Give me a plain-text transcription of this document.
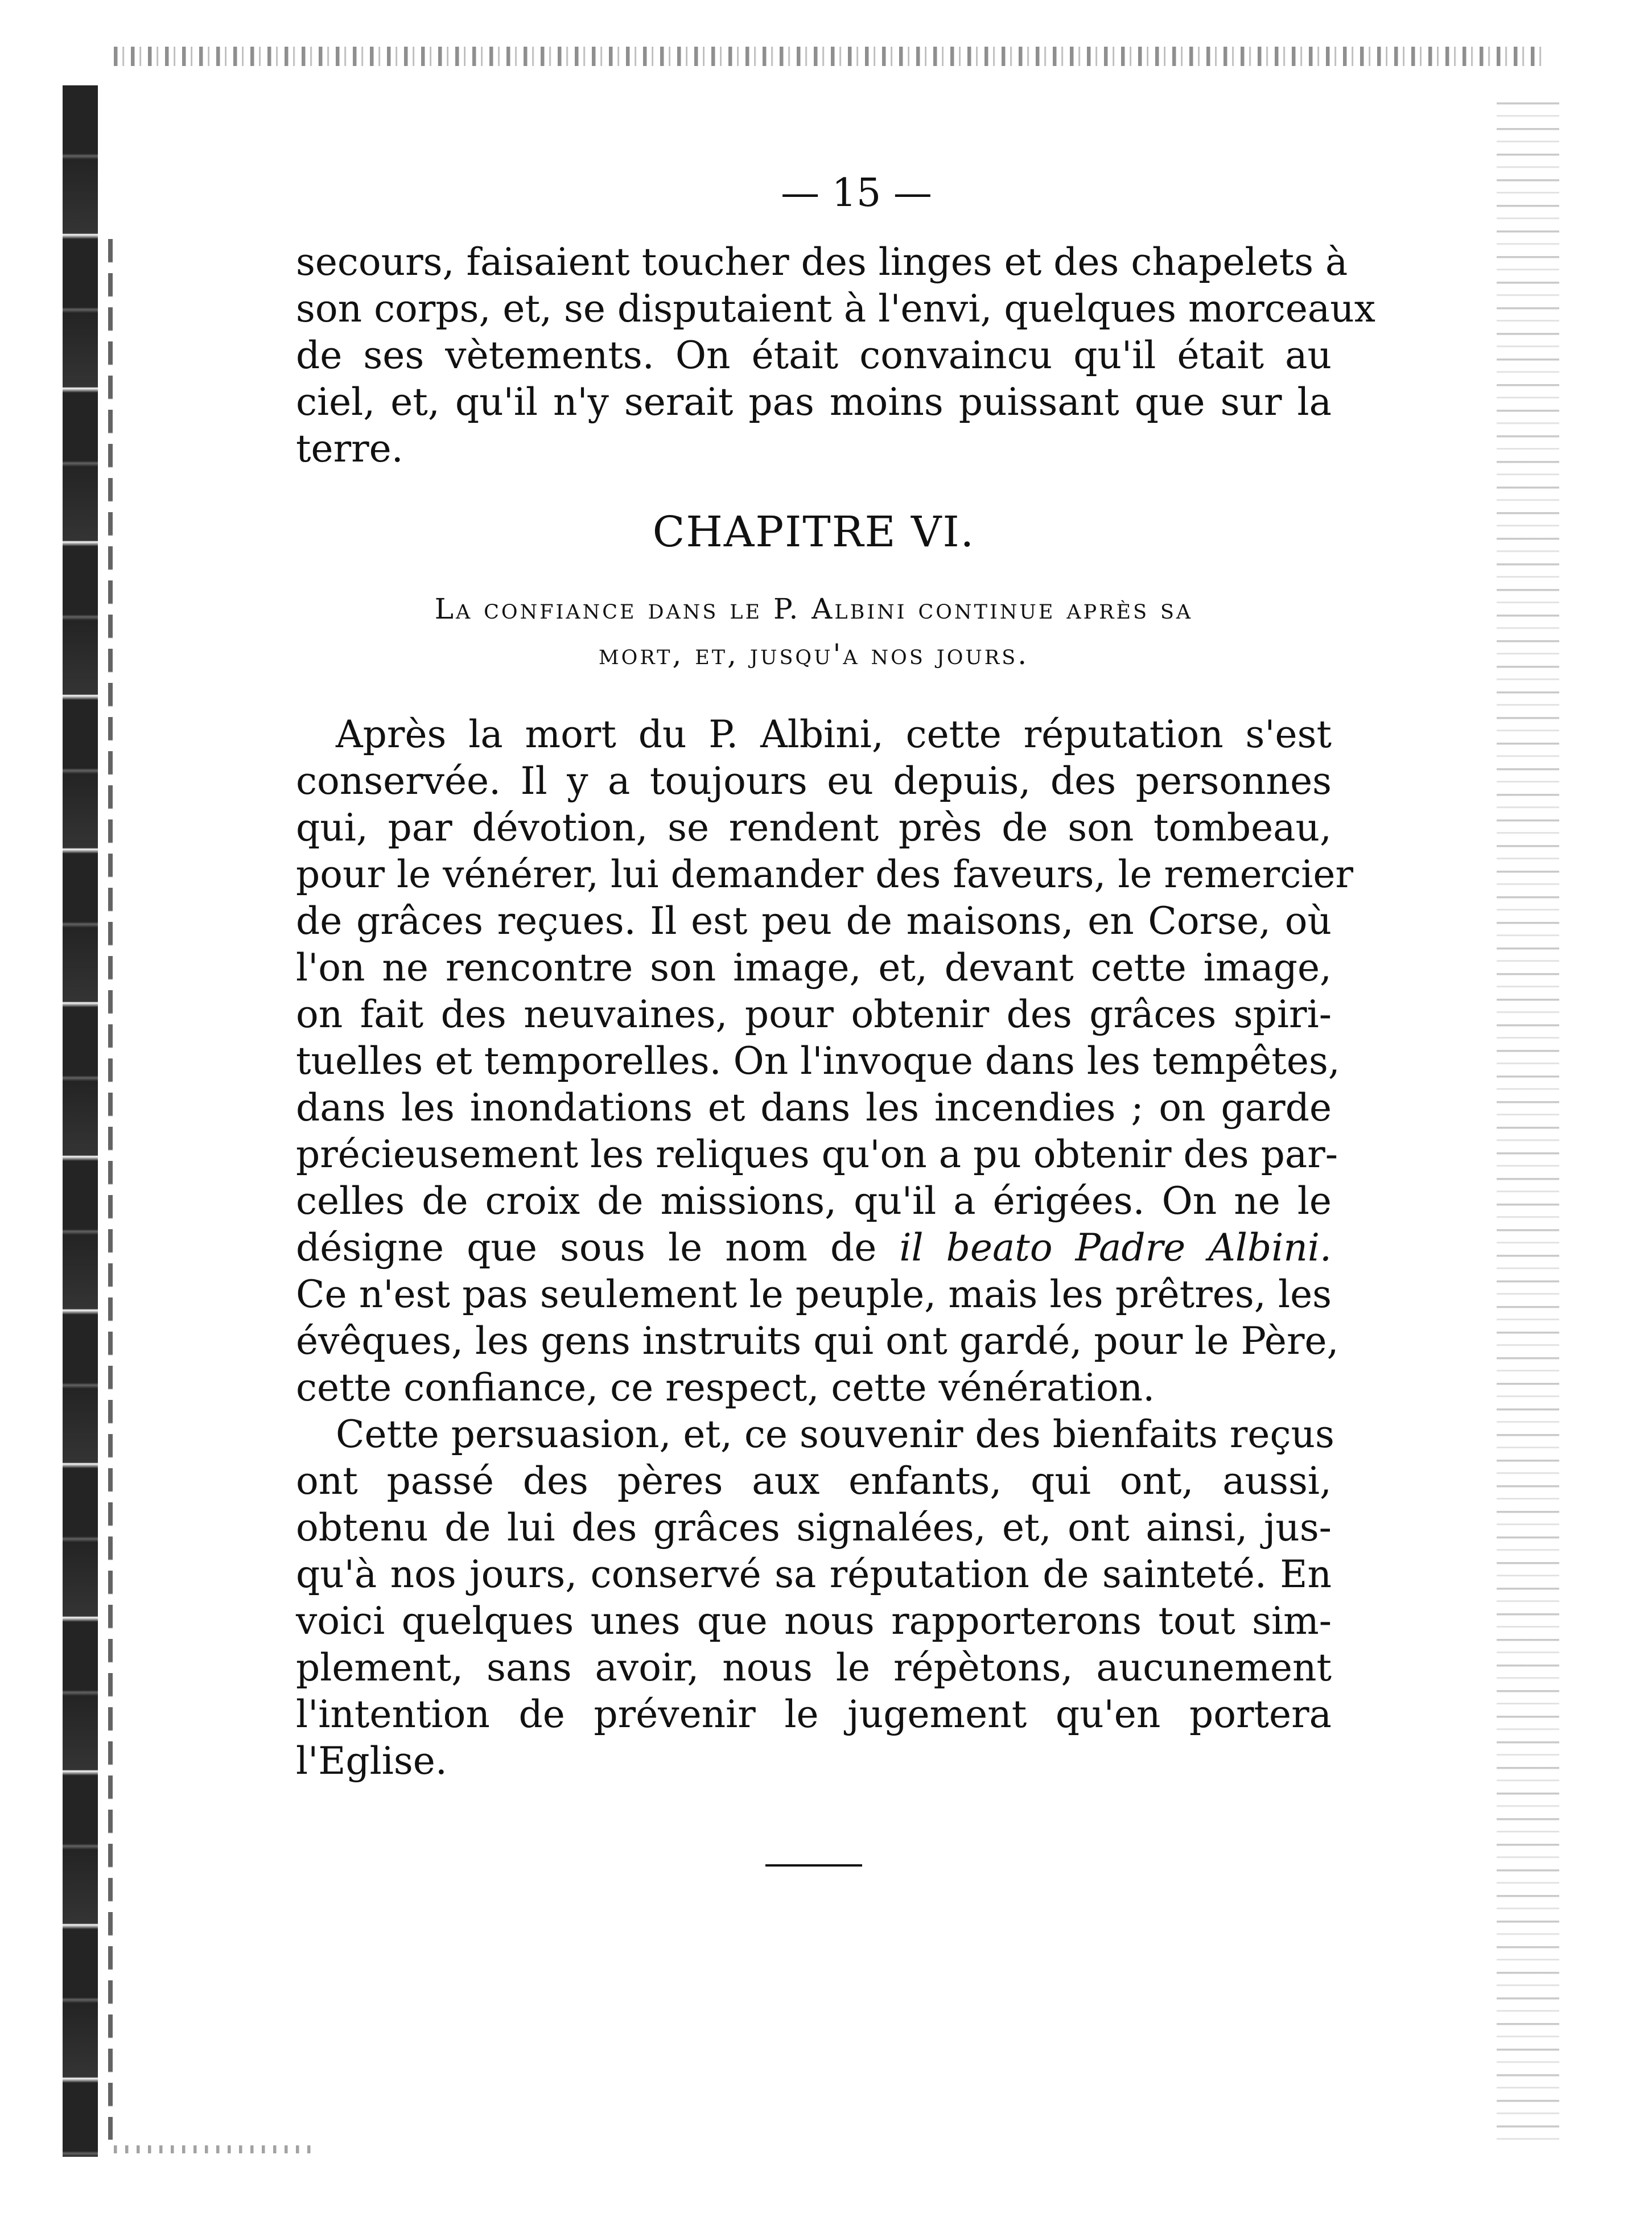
— 15 —
secours, faisaient toucher des linges et des chapelets à
son corps, et, se disputaient à l'envi, quelques morceaux
de ses vètements. On était convaincu qu'il était au
ciel, et, qu'il n'y serait pas moins puissant que sur la
terre.
CHAPITRE VI.
La confiance dans le P. Albini continue après sa
mort, et, jusqu'a nos jours.
Après la mort du P. Albini, cette réputation s'est
conservée. Il y a toujours eu depuis, des personnes
qui, par dévotion, se rendent près de son tombeau,
pour le vénérer, lui demander des faveurs, le remercier
de grâces reçues. Il est peu de maisons, en Corse, où
l'on ne rencontre son image, et, devant cette image,
on fait des neuvaines, pour obtenir des grâces spiri-
tuelles et temporelles. On l'invoque dans les tempêtes,
dans les inondations et dans les incendies ; on garde
précieusement les reliques qu'on a pu obtenir des par-
celles de croix de missions, qu'il a érigées. On ne le
désigne que sous le nom de il beato Padre Albini.
Ce n'est pas seulement le peuple, mais les prêtres, les
évêques, les gens instruits qui ont gardé, pour le Père,
cette confiance, ce respect, cette vénération.
Cette persuasion, et, ce souvenir des bienfaits reçus
ont passé des pères aux enfants, qui ont, aussi,
obtenu de lui des grâces signalées, et, ont ainsi, jus-
qu'à nos jours, conservé sa réputation de sainteté. En
voici quelques unes que nous rapporterons tout sim-
plement, sans avoir, nous le répètons, aucunement
l'intention de prévenir le jugement qu'en portera
l'Eglise.
